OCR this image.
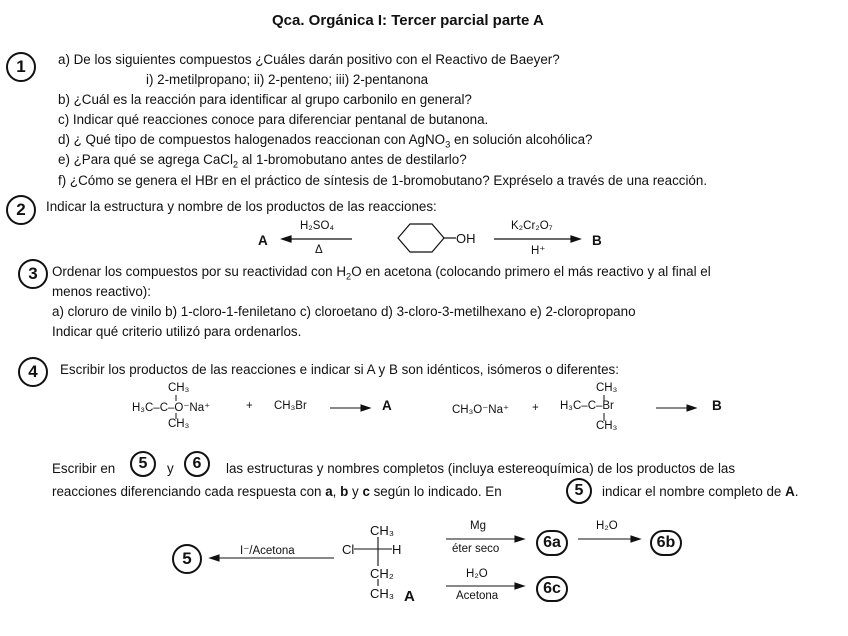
Qca. Orgánica I: Tercer parcial parte A
1	a) De los siguientes compuestos ¿Cuáles darán positivo con el Reactivo de Baeyer?
i) 2-metilpropano; ii) 2-penteno; iii) 2-pentanona
b) ¿Cuál es la reacción para identificar al grupo carbonilo en general?
c) Indicar qué reacciones conoce para diferenciar pentanal de butanona.
d) ¿ Qué tipo de compuestos halogenados reaccionan con AgNO$_3$ en solución alcohólica?
e) ¿Para qué se agrega CaCl$_2$ al 1-bromobutano antes de destilarlo?
f) ¿Cómo se genera el HBr en el práctico de síntesis de 1-bromobutano? Expréselo a través de una reacción.
2	Indicar la estructura y nombre de los productos de las reacciones:
A
H₂SO₄
Δ
OH
K₂Cr₂O₇
H⁺
B
3	Ordenar los compuestos por su reactividad con $H_2O$ en acetona (colocando primero el más reactivo y al final el
menos reactivo):
a) cloruro de vinilo b) 1-cloro-1-feniletano c) cloroetano d) 3-cloro-3-metilhexano e) 2-cloropropano
Indicar qué criterio utilizó para ordenarlos.
4	Escribir los productos de las reacciones e indicar si A y B son idénticos, isómeros o diferentes:
CH₃
H₃C–C–O⁻Na⁺
CH₃
+ CH₃Br	A	CH₃O⁻Na⁺ +
CH₃
H₃C–C–Br
CH₃
B
Escribir en	5	y	6	las estructuras y nombres completos (incluya estereoquímica) de los productos de las
reacciones diferenciando cada respuesta con a, b y c según lo indicado. En	5	indicar el nombre completo de A.
5	I⁻/Acetona
CH₃
Cl	H
CH₂
CH₃ A
Mg
éter seco	6a
H₂O
6b
H₂O
Acetona	6c
